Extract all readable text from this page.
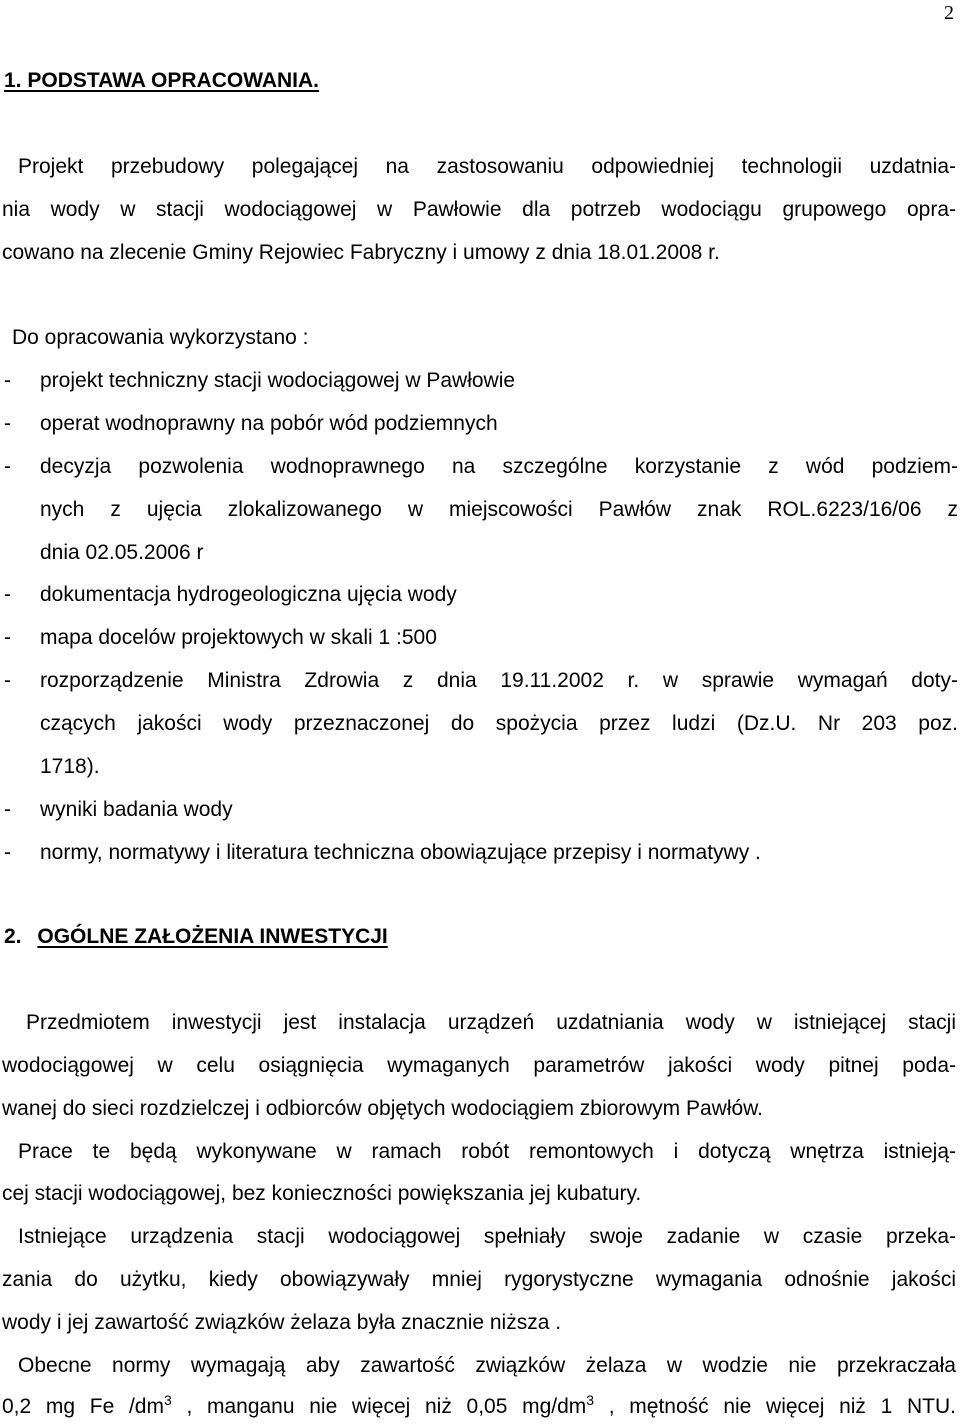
2
1. PODSTAWA OPRACOWANIA.
Projekt przebudowy polegającej na zastosowaniu odpowiedniej technologii uzdatnia-
nia wody w stacji wodociągowej w Pawłowie dla potrzeb wodociągu grupowego opra-
cowano na zlecenie Gminy Rejowiec Fabryczny i umowy z dnia 18.01.2008 r.
Do opracowania wykorzystano :
- projekt techniczny stacji wodociągowej w Pawłowie
- operat wodnoprawny na pobór wód podziemnych
- decyzja pozwolenia wodnoprawnego na szczególne korzystanie z wód podziem-
nych z ujęcia zlokalizowanego w miejscowości Pawłów znak ROL.6223/16/06 z
dnia 02.05.2006 r
- dokumentacja hydrogeologiczna ujęcia wody
- mapa docelów projektowych w skali 1 :500
- rozporządzenie Ministra Zdrowia z dnia 19.11.2002 r. w sprawie wymagań doty-
czących jakości wody przeznaczonej do spożycia przez ludzi (Dz.U. Nr 203 poz.
1718).
- wyniki badania wody
- normy, normatywy i literatura techniczna obowiązujące przepisy i normatywy .
2. OGÓLNE ZAŁOŻENIA INWESTYCJI
Przedmiotem inwestycji jest instalacja urządzeń uzdatniania wody w istniejącej stacji
wodociągowej w celu osiągnięcia wymaganych parametrów jakości wody pitnej poda-
wanej do sieci rozdzielczej i odbiorców objętych wodociągiem zbiorowym Pawłów.
Prace te będą wykonywane w ramach robót remontowych i dotyczą wnętrza istnieją-
cej stacji wodociągowej, bez konieczności powiększania jej kubatury.
Istniejące urządzenia stacji wodociągowej spełniały swoje zadanie w czasie przeka-
zania do użytku, kiedy obowiązywały mniej rygorystyczne wymagania odnośnie jakości
wody i jej zawartość związków żelaza była znacznie niższa .
Obecne normy wymagają aby zawartość związków żelaza w wodzie nie przekraczała
0,2 mg Fe $/dm^3$ , manganu nie więcej niż 0,05 $mg/dm^3$ , mętność nie więcej niż 1 NTU.
